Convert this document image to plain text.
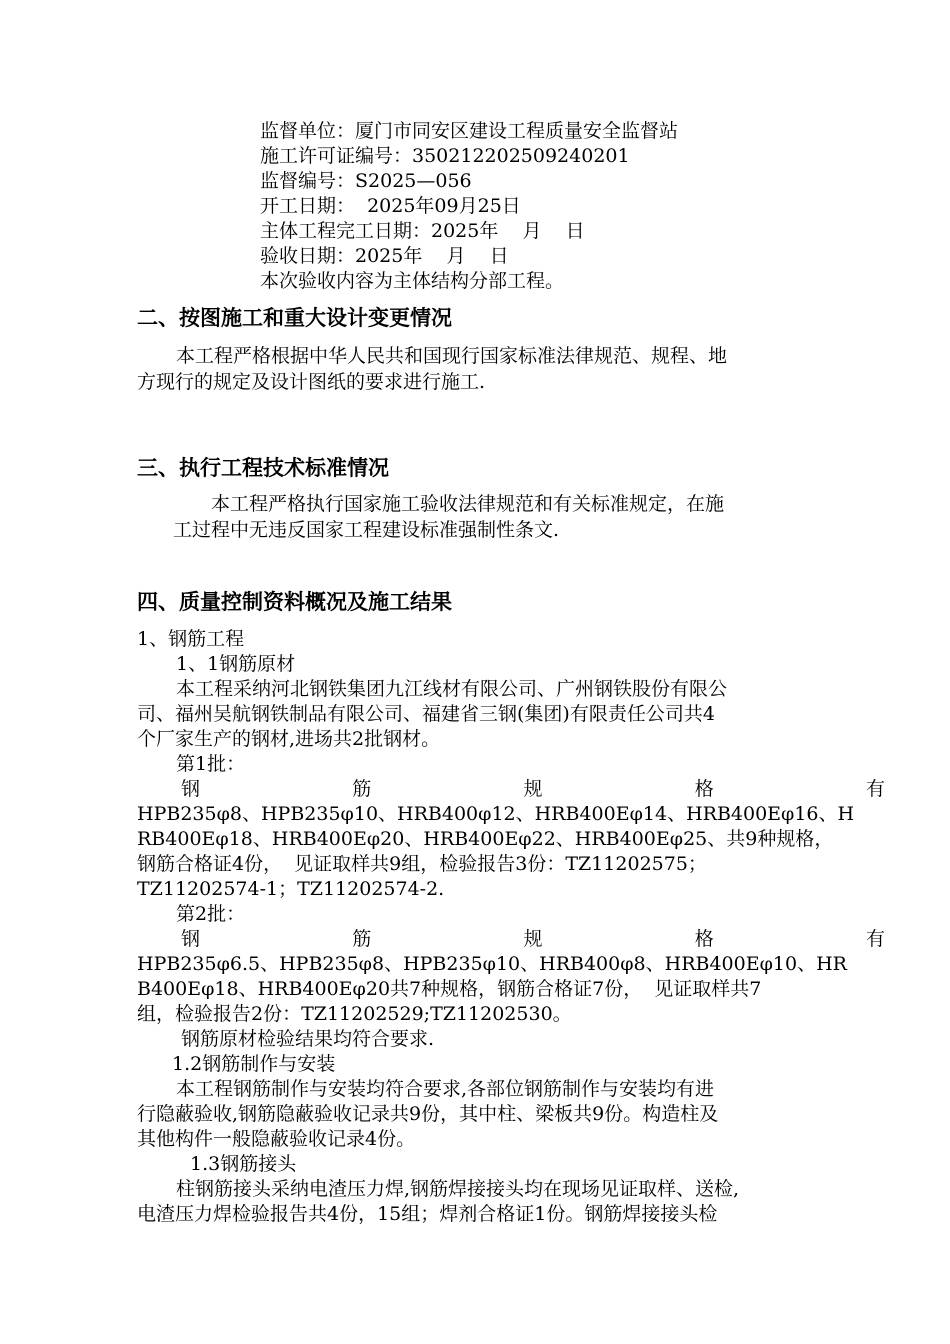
监督单位：厦门市同安区建设工程质量安全监督站
施工许可证编号：350212202509240201
监督编号：S2025—056
开工日期：  2025年09月25日
主体工程完工日期：2025年    月    日
验收日期：2025年    月    日
本次验收内容为主体结构分部工程。
二、按图施工和重大设计变更情况
本工程严格根据中华人民共和国现行国家标准法律规范、规程、地
方现行的规定及设计图纸的要求进行施工.
三、执行工程技术标准情况
本工程严格执行国家施工验收法律规范和有关标准规定，在施
工过程中无违反国家工程建设标准强制性条文.
四、质量控制资料概况及施工结果
1、钢筋工程
1、1钢筋原材
本工程采纳河北钢铁集团九江线材有限公司、广州钢铁股份有限公
司、福州吴航钢铁制品有限公司、福建省三钢(集团)有限责任公司共4
个厂家生产的钢材,进场共2批钢材。
第1批：
钢	筋	规	格	有
HPB235φ8、HPB235φ10、HRB400φ12、HRB400Eφ14、HRB400Eφ16、H
RB400Eφ18、HRB400Eφ20、HRB400Eφ22、HRB400Eφ25、共9种规格，
钢筋合格证4份，  见证取样共9组，检验报告3份：TZ11202575；
TZ11202574-1；TZ11202574-2.
第2批：
钢	筋	规	格	有
HPB235φ6.5、HPB235φ8、HPB235φ10、HRB400φ8、HRB400Eφ10、HR
B400Eφ18、HRB400Eφ20共7种规格，钢筋合格证7份，  见证取样共7
组，检验报告2份：TZ11202529;TZ11202530。
钢筋原材检验结果均符合要求.
1.2钢筋制作与安装
本工程钢筋制作与安装均符合要求,各部位钢筋制作与安装均有进
行隐蔽验收,钢筋隐蔽验收记录共9份，其中柱、梁板共9份。构造柱及
其他构件一般隐蔽验收记录4份。
1.3钢筋接头
柱钢筋接头采纳电渣压力焊,钢筋焊接接头均在现场见证取样、送检,
电渣压力焊检验报告共4份，15组；焊剂合格证1份。钢筋焊接接头检
